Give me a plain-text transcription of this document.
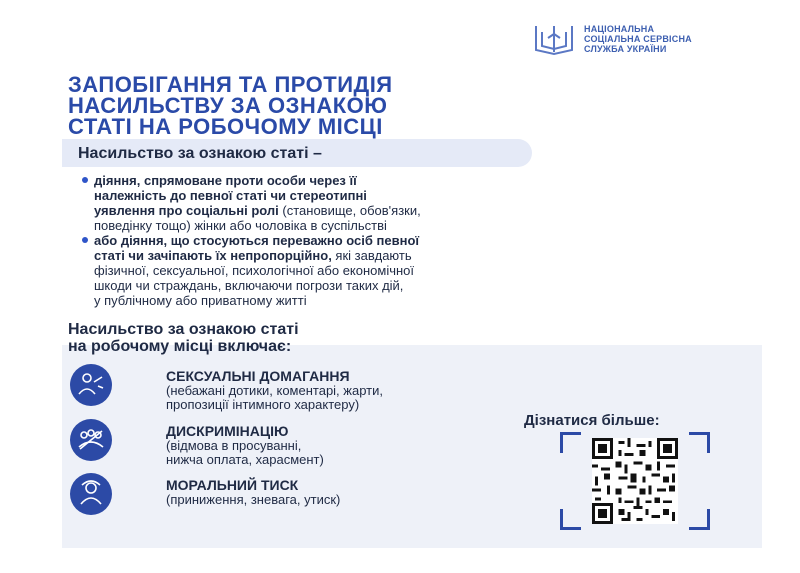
НАЦІОНАЛЬНА
СОЦІАЛЬНА СЕРВІСНА
СЛУЖБА УКРАЇНИ
ЗАПОБІГАННЯ ТА ПРОТИДІЯ
НАСИЛЬСТВУ ЗА ОЗНАКОЮ
СТАТІ НА РОБОЧОМУ МІСЦІ
Насильство за ознакою статі –
діяння, спрямоване проти особи через її
належність до певної статі чи стереотипні
уявлення про соціальні ролі (становище, обов'язки,
поведінку тощо) жінки або чоловіка в суспільстві
або діяння, що стосуються переважно осіб певної
статі чи зачіпають їх непропорційно, які завдають
фізичної, сексуальної, психологічної або економічної
шкоди чи страждань, включаючи погрози таких дій,
у публічному або приватному житті
Насильство за ознакою статі
на робочому місці включає:
СЕКСУАЛЬНІ ДОМАГАННЯ
(небажані дотики, коментарі, жарти,
пропозиції інтимного характеру)
ДИСКРИМІНАЦІЮ
(відмова в просуванні,
нижча оплата, харасмент)
МОРАЛЬНИЙ ТИСК
(приниження, зневага, утиск)
Дізнатися більше:
